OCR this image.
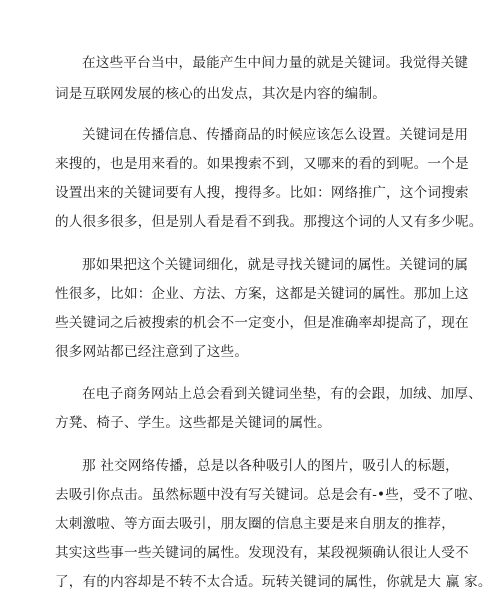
在这些平台当中，最能产生中间力量的就是关键词。我觉得关键
词是互联网发展的核心的出发点，其次是内容的编制。
关键词在传播信息、传播商品的时候应该怎么设置。关键词是用
来搜的，也是用来看的。如果搜索不到，又哪来的看的到呢。一个是
设置出来的关键词要有人搜，搜得多。比如：网络推广，这个词搜索
的人很多很多，但是别人看是看不到我。那搜这个词的人又有多少呢。
那如果把这个关键词细化，就是寻找关键词的属性。关键词的属
性很多，比如：企业、方法、方案，这都是关键词的属性。那加上这
些关键词之后被搜索的机会不一定变小，但是准确率却提高了，现在
很多网站都已经注意到了这些。
在电子商务网站上总会看到关键词坐垫，有的会跟，加绒、加厚、
方凳、椅子、学生。这些都是关键词的属性。
那 社交网络传播，总是以各种吸引人的图片，吸引人的标题，
去吸引你点击。虽然标题中没有写关键词。总是会有-•些，受不了啦、
太刺激啦、等方面去吸引，朋友圈的信息主要是来自朋友的推荐，
其实这些事一些关键词的属性。发现没有，某段视频确认很让人受不
了，有的内容却是不转不太合适。玩转关键词的属性，你就是大 赢 家。
